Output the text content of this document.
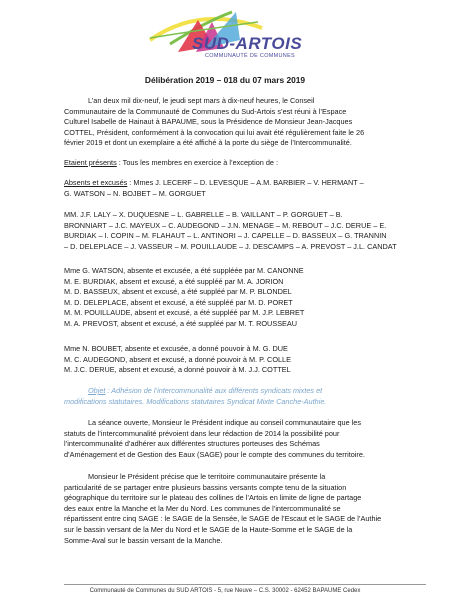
SUD-ARTOIS
COMMUNAUTÉ DE COMMUNES
Délibération 2019 – 018 du 07 mars 2019
L’an deux mil dix-neuf, le jeudi sept mars à dix-neuf heures, le Conseil
Communautaire de la Communauté de Communes du Sud-Artois s’est réuni à l’Espace
Culturel Isabelle de Hainaut à BAPAUME, sous la Présidence de Monsieur Jean-Jacques
COTTEL, Président, conformément à la convocation qui lui avait été régulièrement faite le 26
février 2019 et dont un exemplaire a été affiché à la porte du siège de l’Intercommunalité.
Etaient présents : Tous les membres en exercice à l’exception de :
Absents et excusés : Mmes J. LECERF – D. LEVESQUE – A.M. BARBIER – V. HERMANT –
G. WATSON – N. BOJBET – M. GORGUET
MM. J.F. LALY – X. DUQUESNE – L. GABRELLE – B. VAILLANT – P. GORGUET – B.
BRONNIART – J.C. MAYEUX – C. AUDEGOND – J.N. MENAGE – M. REBOUT – J.C. DERUE – E.
BURDIAK – I. COPIN – M. FLAHAUT – L. ANTINORI – J. CAPELLE – D. BASSEUX – G. TRANNIN
– D. DELEPLACE – J. VASSEUR – M. POUILLAUDE – J. DESCAMPS – A. PREVOST – J.L. CANDAT
Mme G. WATSON, absente et excusée, a été suppléée par M. CANONNE
M. E. BURDIAK, absent et excusé, a été suppléé par M. A. JORION
M. D. BASSEUX, absent et excusé, a été suppléé par M. P. BLONDEL
M. D. DELEPLACE, absent et excusé, a été suppléé par M. D. PORET
M. M. POUILLAUDE, absent et excusé, a été suppléé par M. J.P. LEBRET
M. A. PREVOST, absent et excusé, a été suppléé par M. T. ROUSSEAU
Mme N. BOUBET, absente et excusée, a donné pouvoir à M. G. DUE
M. C. AUDEGOND, absent et excusé, a donné pouvoir à M. P. COLLE
M. J.C. DERUE, absent et excusé, a donné pouvoir à M. J.J. COTTEL
Objet : Adhésion de l’intercommunalité aux différents syndicats mixtes et
modifications statutaires. Modifications statutaires Syndicat Mixte Canche-Authie.
La séance ouverte, Monsieur le Président indique au conseil communautaire que les
statuts de l’intercommunalité prévoient dans leur rédaction de 2014 la possibilité pour
l’intercommunalité d’adhérer aux différentes structures porteuses des Schémas
d’Aménagement et de Gestion des Eaux (SAGE) pour le compte des communes du territoire.
Monsieur le Président précise que le territoire communautaire présente la
particularité de se partager entre plusieurs bassins versants compte tenu de la situation
géographique du territoire sur le plateau des collines de l’Artois en limite de ligne de partage
des eaux entre la Manche et la Mer du Nord. Les communes de l’intercommunalité se
répartissent entre cinq SAGE : le SAGE de la Sensée, le SAGE de l’Escaut et le SAGE de l’Authie
sur le bassin versant de la Mer du Nord et le SAGE de la Haute-Somme et le SAGE de la
Somme-Aval sur le bassin versant de la Manche.
Communauté de Communes du SUD ARTOIS - 5, rue Neuve – C.S. 30002 - 62452 BAPAUME Cedex
